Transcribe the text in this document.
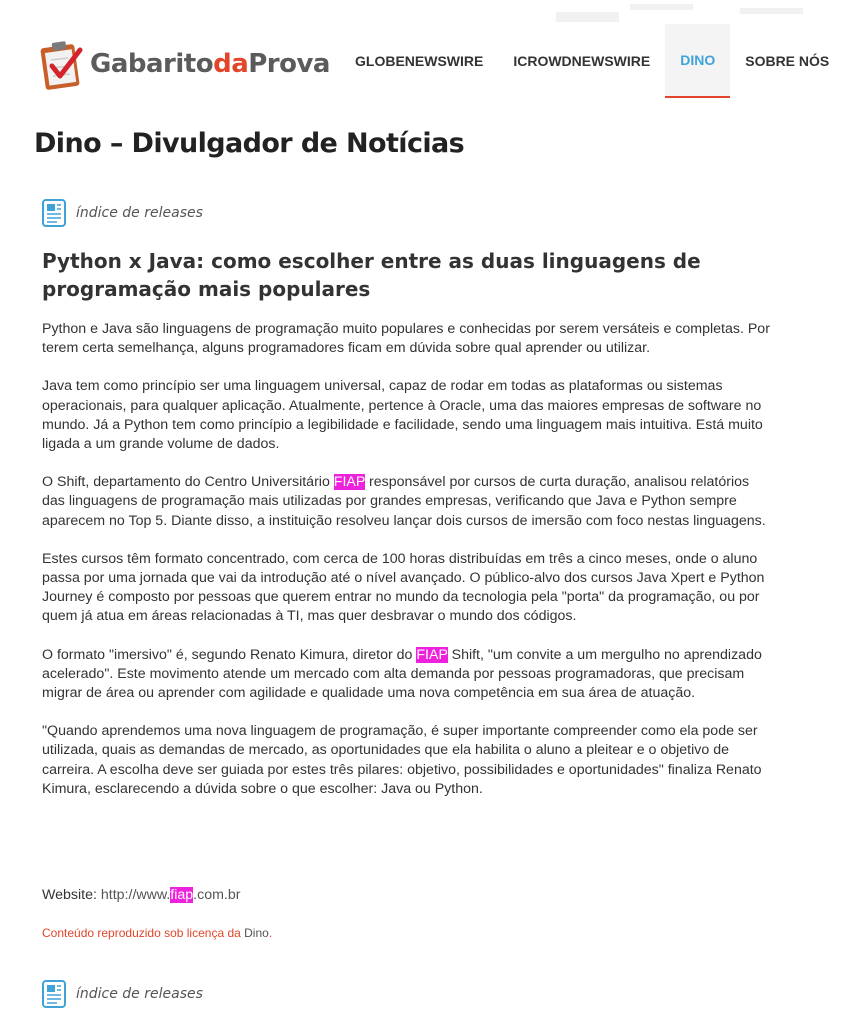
GabaritodaProva	GLOBENEWSWIRE	ICROWDNEWSWIRE	DINO	SOBRE NÓS
Dino – Divulgador de Notícias
índice de releases
Python x Java: como escolher entre as duas linguagens de programação mais populares

Python e Java são linguagens de programação muito populares e conhecidas por serem versáteis e completas. Por terem certa semelhança, alguns programadores ficam em dúvida sobre qual aprender ou utilizar.

Java tem como princípio ser uma linguagem universal, capaz de rodar em todas as plataformas ou sistemas operacionais, para qualquer aplicação. Atualmente, pertence à Oracle, uma das maiores empresas de software no mundo. Já a Python tem como princípio a legibilidade e facilidade, sendo uma linguagem mais intuitiva. Está muito ligada a um grande volume de dados.

O Shift, departamento do Centro Universitário FIAP responsável por cursos de curta duração, analisou relatórios das linguagens de programação mais utilizadas por grandes empresas, verificando que Java e Python sempre aparecem no Top 5. Diante disso, a instituição resolveu lançar dois cursos de imersão com foco nestas linguagens.

Estes cursos têm formato concentrado, com cerca de 100 horas distribuídas em três a cinco meses, onde o aluno passa por uma jornada que vai da introdução até o nível avançado. O público-alvo dos cursos Java Xpert e Python Journey é composto por pessoas que querem entrar no mundo da tecnologia pela "porta" da programação, ou por quem já atua em áreas relacionadas à TI, mas quer desbravar o mundo dos códigos.

O formato "imersivo" é, segundo Renato Kimura, diretor do FIAP Shift, "um convite a um mergulho no aprendizado acelerado". Este movimento atende um mercado com alta demanda por pessoas programadoras, que precisam migrar de área ou aprender com agilidade e qualidade uma nova competência em sua área de atuação.

"Quando aprendemos uma nova linguagem de programação, é super importante compreender como ela pode ser utilizada, quais as demandas de mercado, as oportunidades que ela habilita o aluno a pleitear e o objetivo de carreira. A escolha deve ser guiada por estes três pilares: objetivo, possibilidades e oportunidades" finaliza Renato Kimura, esclarecendo a dúvida sobre o que escolher: Java ou Python.

Website: http://www.fiap.com.br
Conteúdo reproduzido sob licença da Dino.
índice de releases
